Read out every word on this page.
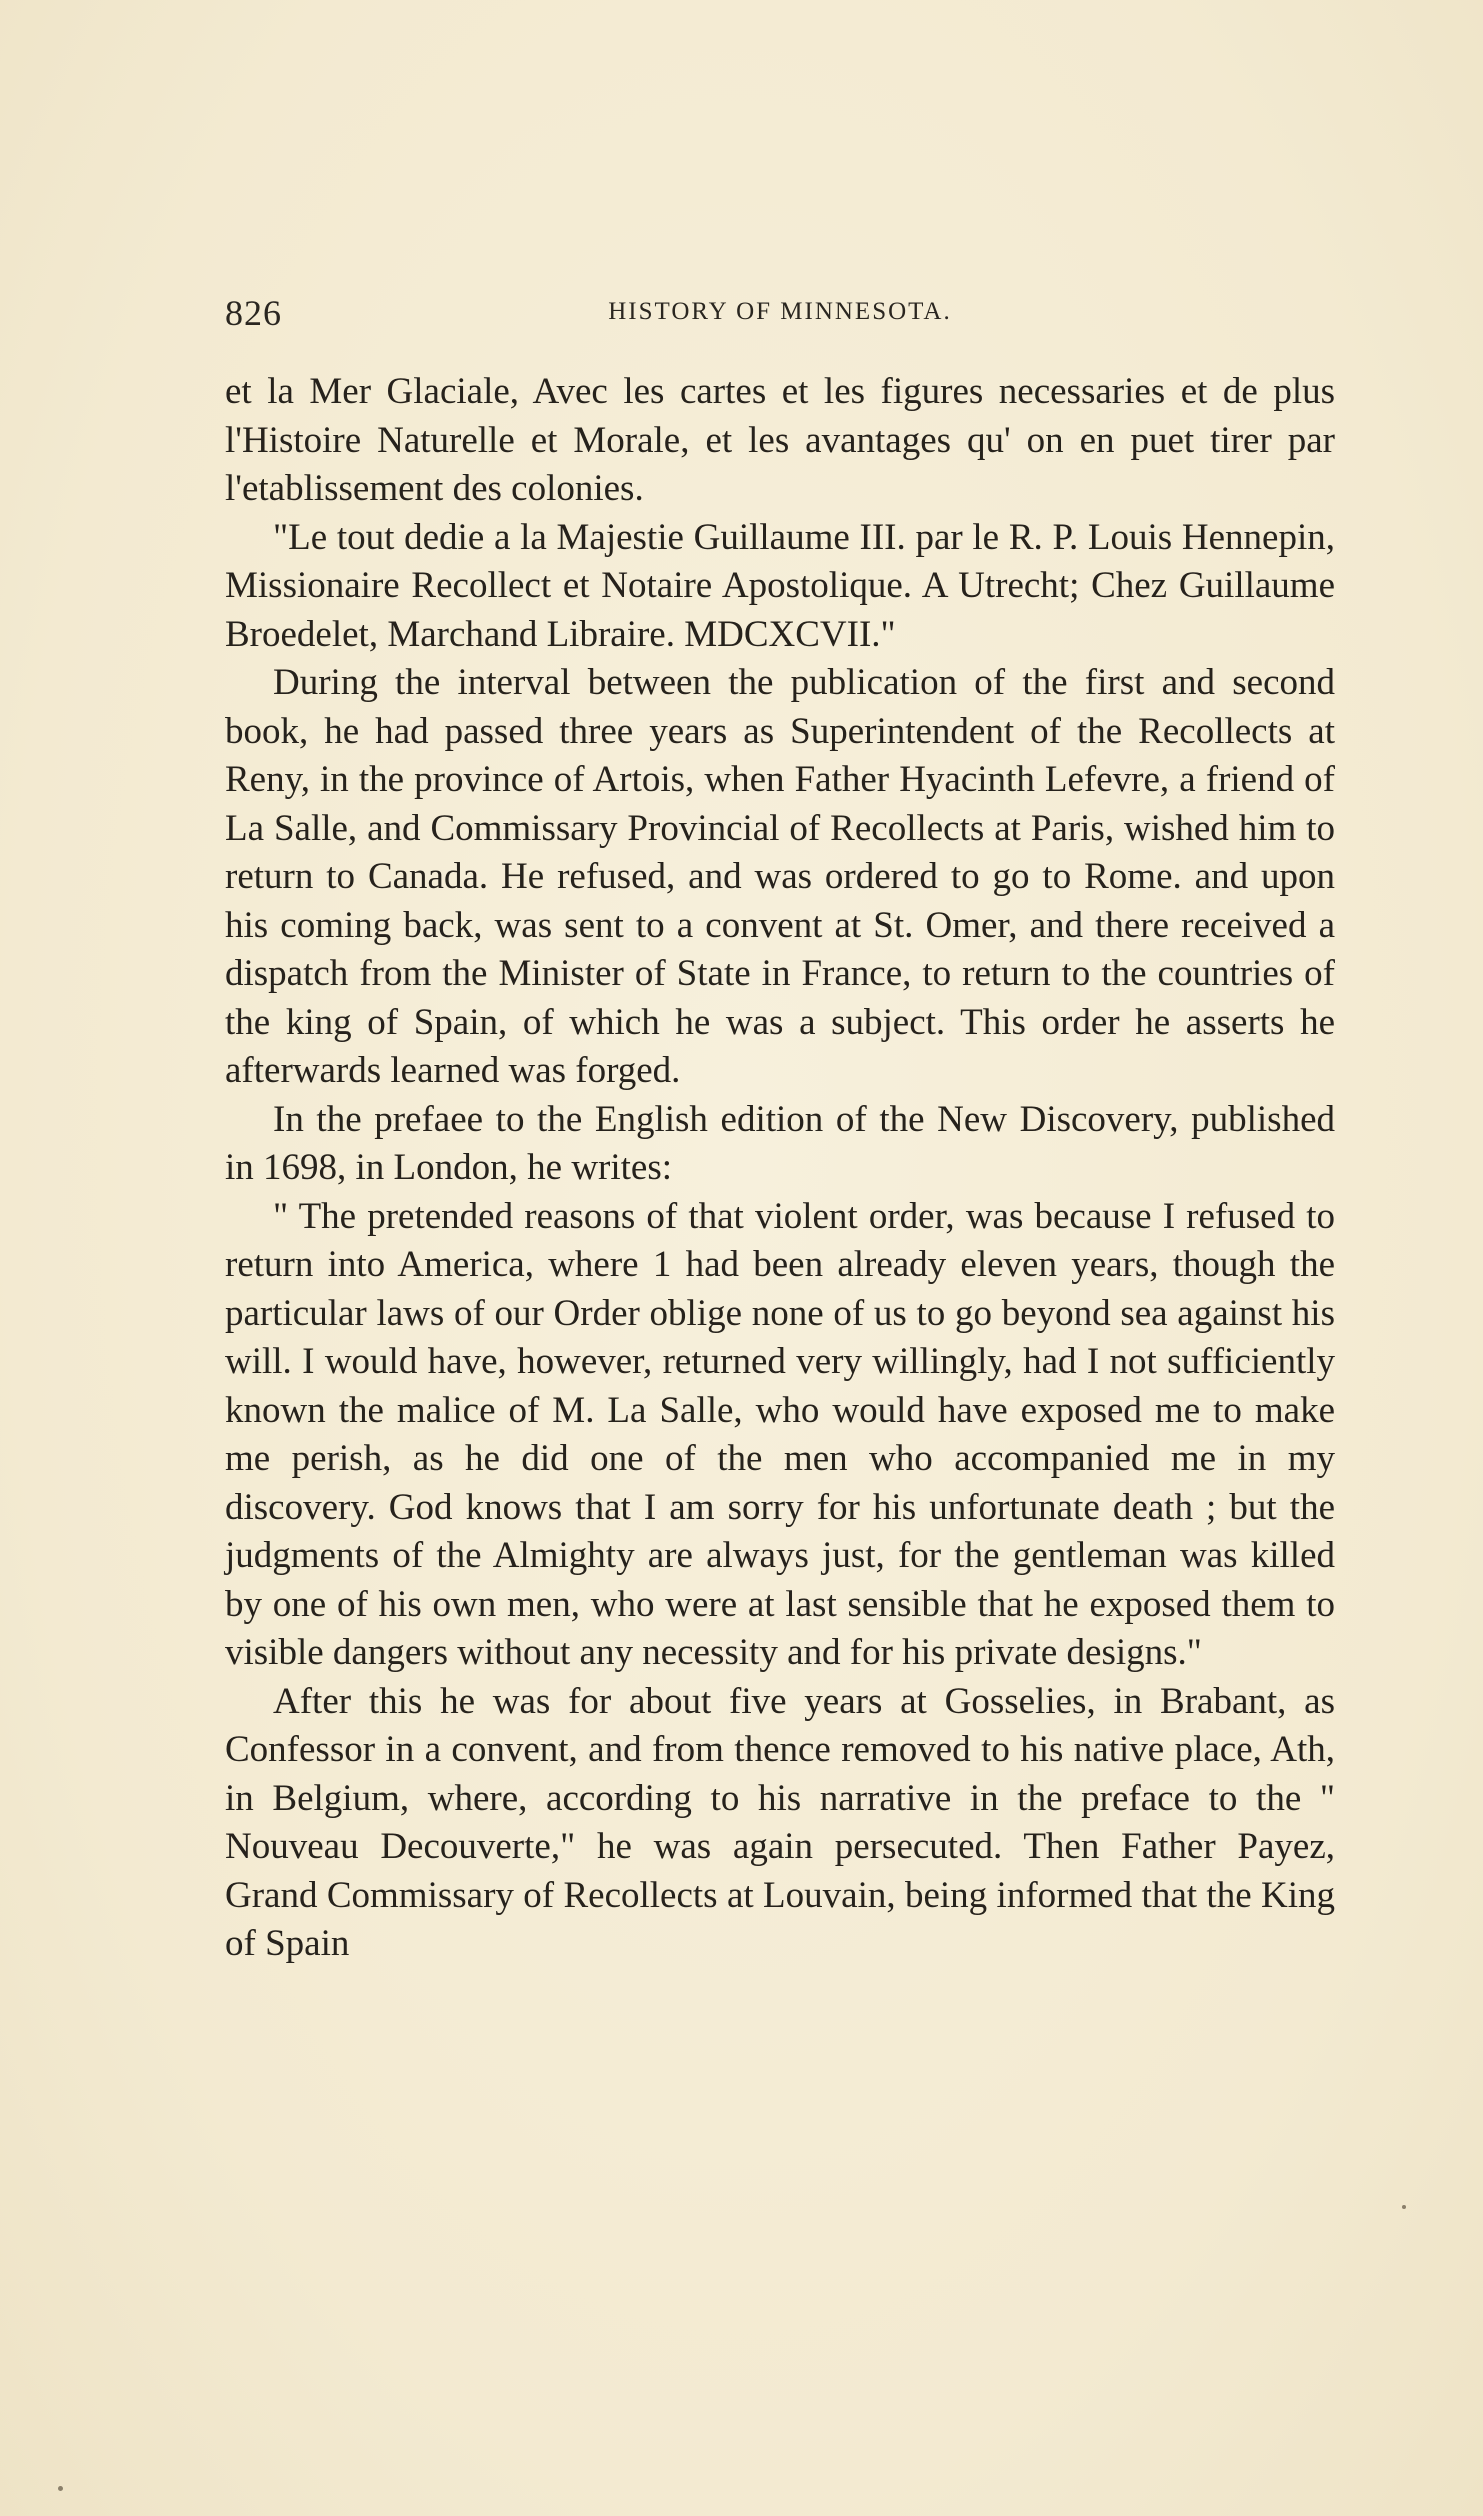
826	HISTORY OF MINNESOTA.

et la Mer Glaciale, Avec les cartes et les figures necessaries et de plus l'Histoire Naturelle et Morale, et les avantages qu' on en puet tirer par l'etablissement des colonies.

"Le tout dedie a la Majestie Guillaume III. par le R. P. Louis Hennepin, Missionaire Recollect et Notaire Apostolique. A Utrecht; Chez Guillaume Broedelet, Marchand Libraire. MDCXCVII."

During the interval between the publication of the first and second book, he had passed three years as Superintendent of the Recollects at Reny, in the province of Artois, when Father Hyacinth Lefevre, a friend of La Salle, and Commissary Provincial of Recollects at Paris, wished him to return to Canada. He refused, and was ordered to go to Rome. and upon his coming back, was sent to a convent at St. Omer, and there received a dispatch from the Minister of State in France, to return to the countries of the king of Spain, of which he was a subject. This order he asserts he afterwards learned was forged.

In the prefaee to the English edition of the New Discovery, published in 1698, in London, he writes:

" The pretended reasons of that violent order, was because I refused to return into America, where 1 had been already eleven years, though the particular laws of our Order oblige none of us to go beyond sea against his will. I would have, however, returned very willingly, had I not sufficiently known the malice of M. La Salle, who would have exposed me to make me perish, as he did one of the men who accompanied me in my discovery. God knows that I am sorry for his unfortunate death ; but the judgments of the Almighty are always just, for the gentleman was killed by one of his own men, who were at last sensible that he exposed them to visible dangers without any necessity and for his private designs."

After this he was for about five years at Gosselies, in Brabant, as Confessor in a convent, and from thence removed to his native place, Ath, in Belgium, where, according to his narrative in the preface to the " Nouveau Decouverte," he was again persecuted. Then Father Payez, Grand Commissary of Recollects at Louvain, being informed that the King of Spain
